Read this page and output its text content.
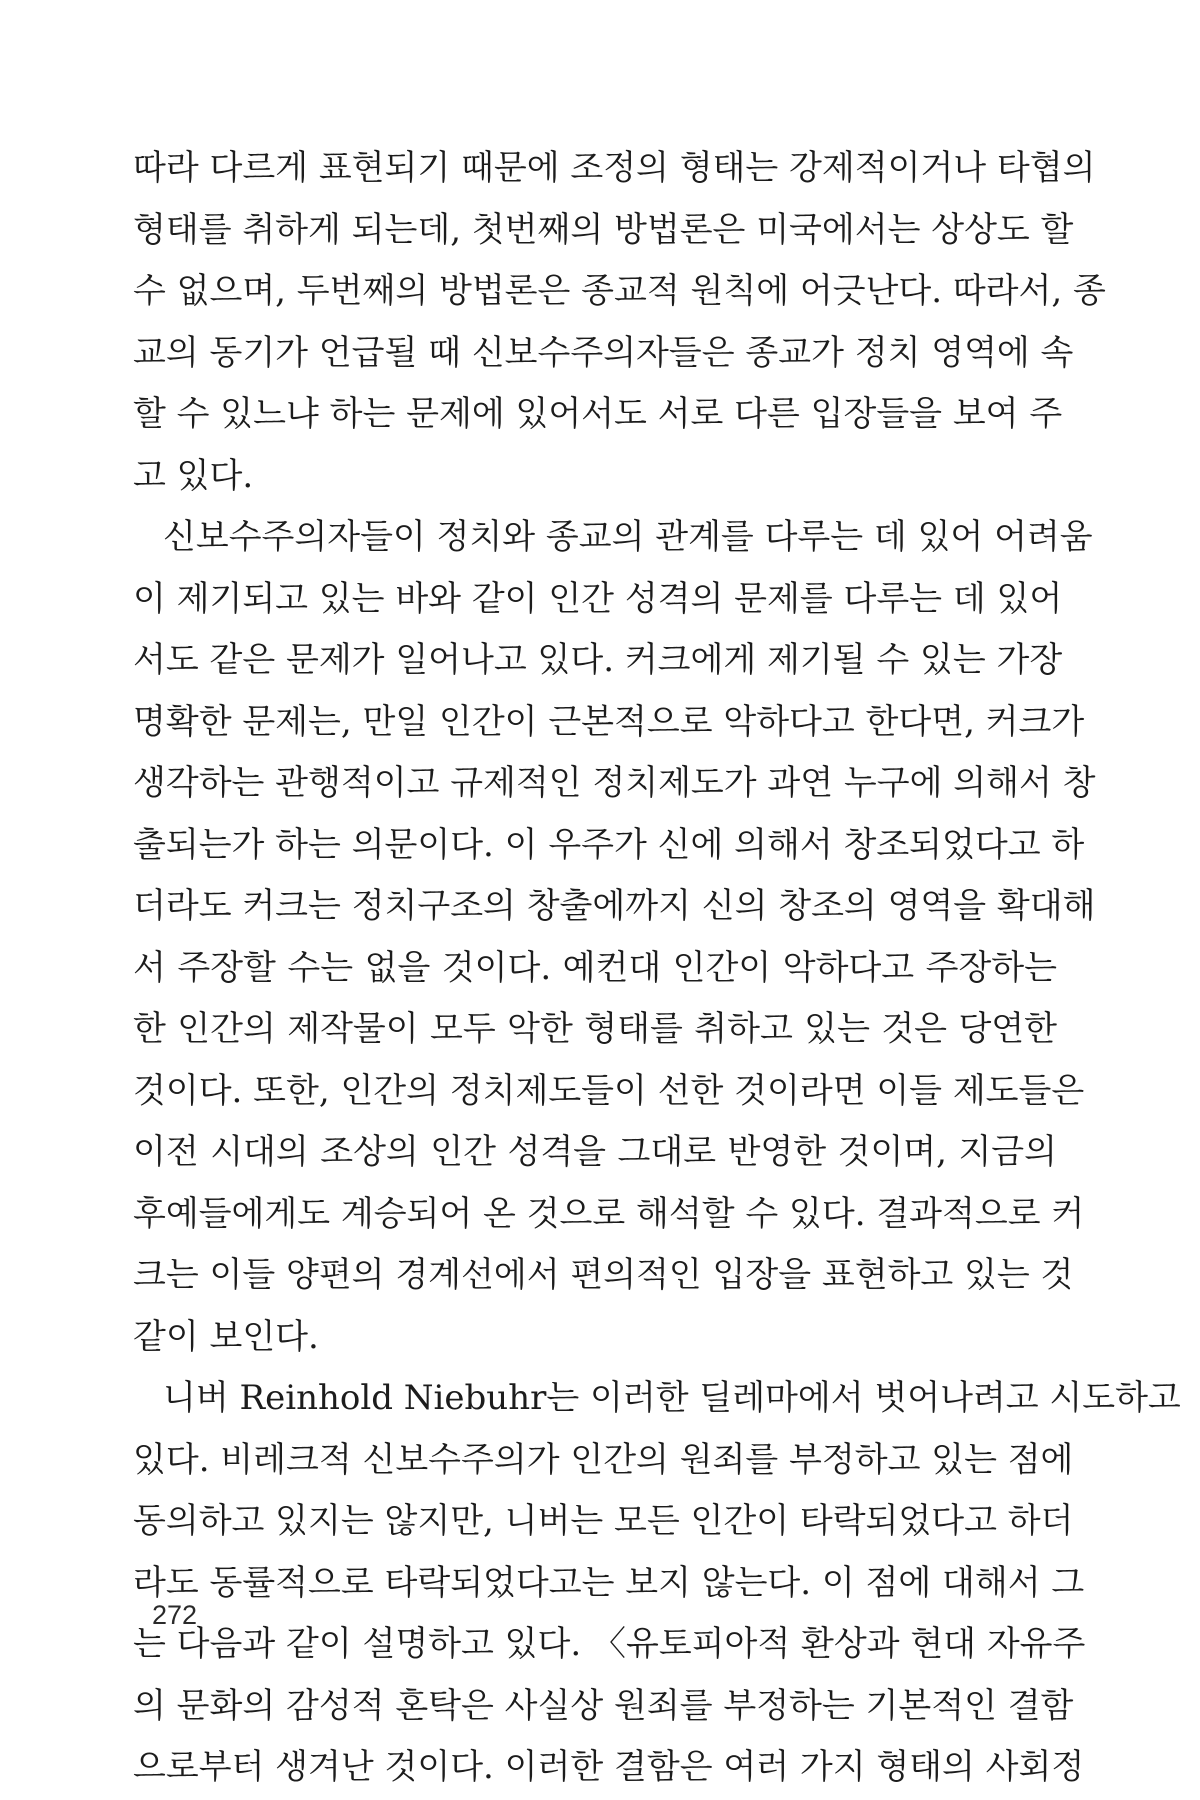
따라 다르게 표현되기 때문에 조정의 형태는 강제적이거나 타협의
형태를 취하게 되는데, 첫번째의 방법론은 미국에서는 상상도 할
수 없으며, 두번째의 방법론은 종교적 원칙에 어긋난다. 따라서, 종
교의 동기가 언급될 때 신보수주의자들은 종교가 정치 영역에 속
할 수 있느냐 하는 문제에 있어서도 서로 다른 입장들을 보여 주
고 있다.
신보수주의자들이 정치와 종교의 관계를 다루는 데 있어 어려움
이 제기되고 있는 바와 같이 인간 성격의 문제를 다루는 데 있어
서도 같은 문제가 일어나고 있다. 커크에게 제기될 수 있는 가장
명확한 문제는, 만일 인간이 근본적으로 악하다고 한다면, 커크가
생각하는 관행적이고 규제적인 정치제도가 과연 누구에 의해서 창
출되는가 하는 의문이다. 이 우주가 신에 의해서 창조되었다고 하
더라도 커크는 정치구조의 창출에까지 신의 창조의 영역을 확대해
서 주장할 수는 없을 것이다. 예컨대 인간이 악하다고 주장하는
한 인간의 제작물이 모두 악한 형태를 취하고 있는 것은 당연한
것이다. 또한, 인간의 정치제도들이 선한 것이라면 이들 제도들은
이전 시대의 조상의 인간 성격을 그대로 반영한 것이며, 지금의
후예들에게도 계승되어 온 것으로 해석할 수 있다. 결과적으로 커
크는 이들 양편의 경계선에서 편의적인 입장을 표현하고 있는 것
같이 보인다.
니버 Reinhold Niebuhr는 이러한 딜레마에서 벗어나려고 시도하고
있다. 비레크적 신보수주의가 인간의 원죄를 부정하고 있는 점에
동의하고 있지는 않지만, 니버는 모든 인간이 타락되었다고 하더
라도 동률적으로 타락되었다고는 보지 않는다. 이 점에 대해서 그
는 다음과 같이 설명하고 있다. 〈유토피아적 환상과 현대 자유주
의 문화의 감성적 혼탁은 사실상 원죄를 부정하는 기본적인 결함
으로부터 생겨난 것이다. 이러한 결함은 여러 가지 형태의 사회정
272
